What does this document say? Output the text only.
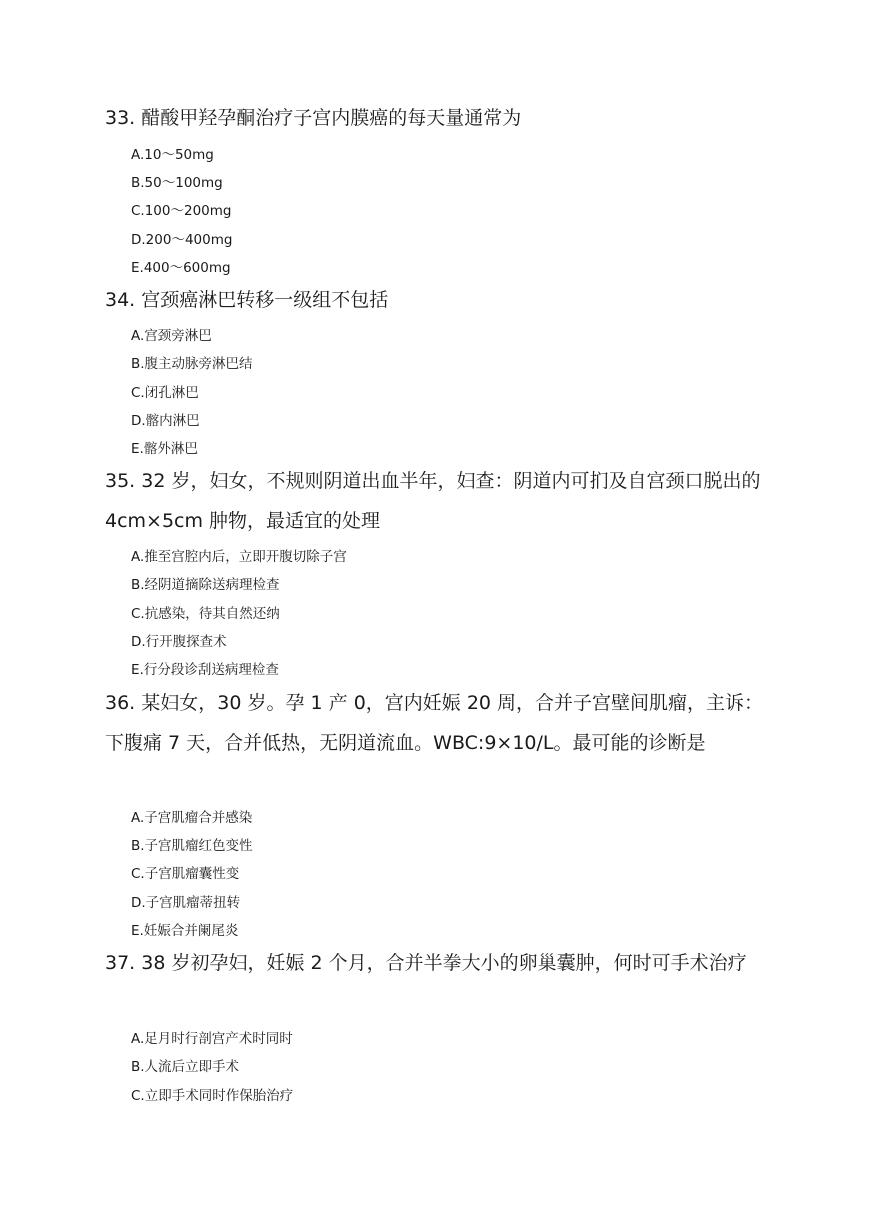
33. 醋酸甲羟孕酮治疗子宫内膜癌的每天量通常为

A.10～50mg
B.50～100mg
C.100～200mg
D.200～400mg
E.400～600mg

34. 宫颈癌淋巴转移一级组不包括

A.宫颈旁淋巴
B.腹主动脉旁淋巴结
C.闭孔淋巴
D.髂内淋巴
E.髂外淋巴

35. 32 岁，妇女，不规则阴道出血半年，妇查：阴道内可扪及自宫颈口脱出的 4cm×5cm 肿物，最适宜的处理

A.推至宫腔内后，立即开腹切除子宫
B.经阴道摘除送病理检查
C.抗感染，待其自然还纳
D.行开腹探查术
E.行分段诊刮送病理检查

36. 某妇女，30 岁。孕 1 产 0，宫内妊娠 20 周，合并子宫壁间肌瘤，主诉：下腹痛 7 天，合并低热，无阴道流血。WBC:9×10/L。最可能的诊断是

A.子宫肌瘤合并感染
B.子宫肌瘤红色变性
C.子宫肌瘤囊性变
D.子宫肌瘤蒂扭转
E.妊娠合并阑尾炎

37. 38 岁初孕妇，妊娠 2 个月，合并半拳大小的卵巢囊肿，何时可手术治疗

A.足月时行剖宫产术时同时
B.人流后立即手术
C.立即手术同时作保胎治疗
